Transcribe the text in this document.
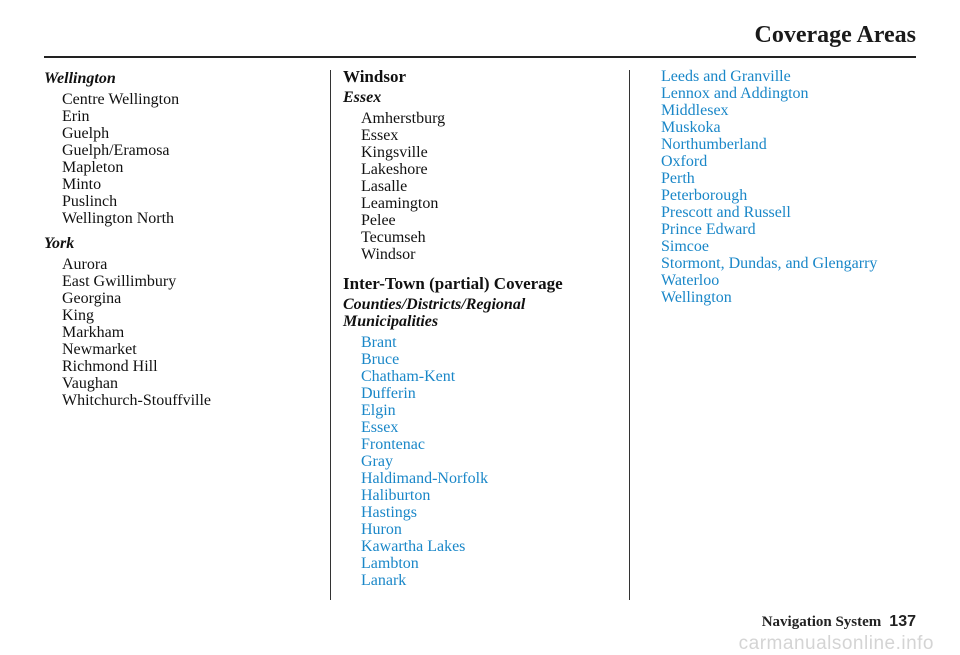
Coverage Areas
Wellington
Centre Wellington
Erin
Guelph
Guelph/Eramosa
Mapleton
Minto
Puslinch
Wellington North
York
Aurora
East Gwillimbury
Georgina
King
Markham
Newmarket
Richmond Hill
Vaughan
Whitchurch-Stouffville
Windsor
Essex
Amherstburg
Essex
Kingsville
Lakeshore
Lasalle
Leamington
Pelee
Tecumseh
Windsor
Inter-Town (partial) Coverage
Counties/Districts/Regional
Municipalities
Brant
Bruce
Chatham-Kent
Dufferin
Elgin
Essex
Frontenac
Gray
Haldimand-Norfolk
Haliburton
Hastings
Huron
Kawartha Lakes
Lambton
Lanark
Leeds and Granville
Lennox and Addington
Middlesex
Muskoka
Northumberland
Oxford
Perth
Peterborough
Prescott and Russell
Prince Edward
Simcoe
Stormont, Dundas, and Glengarry
Waterloo
Wellington
Navigation System 137
carmanualsonline.info
